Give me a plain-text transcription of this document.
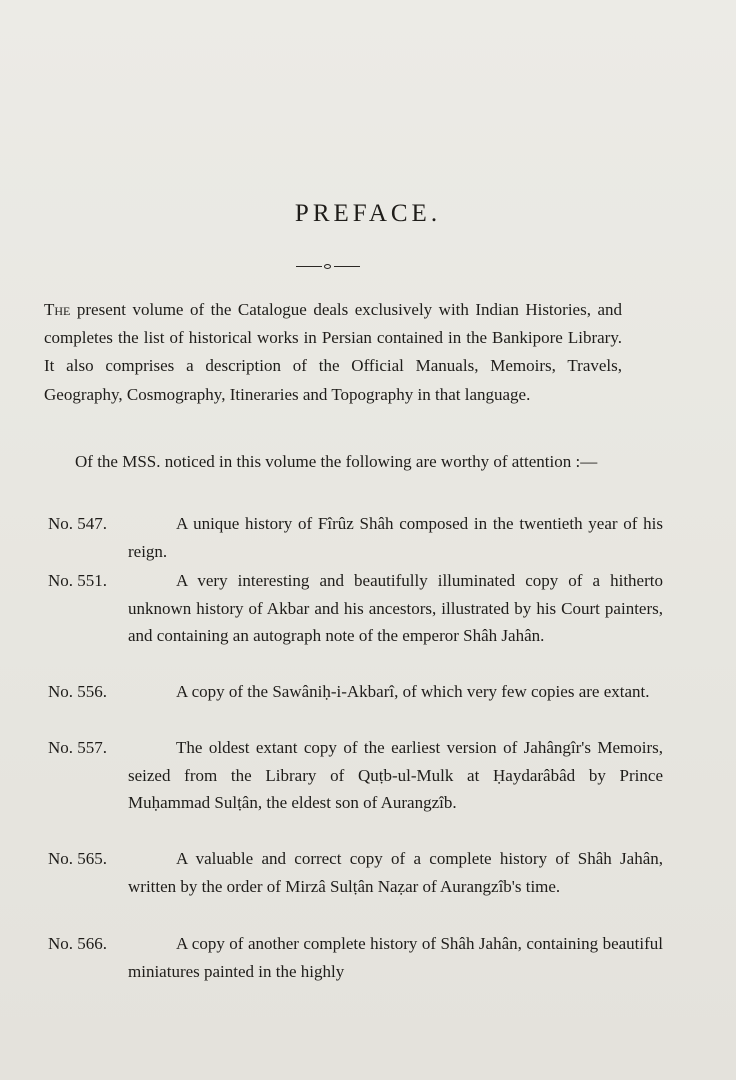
PREFACE.
The present volume of the Catalogue deals exclusively with Indian Histories, and completes the list of historical works in Persian contained in the Bankipore Library. It also comprises a description of the Official Manuals, Memoirs, Travels, Geography, Cosmography, Itineraries and Topography in that language.
Of the MSS. noticed in this volume the following are worthy of attention :—
No. 547.	A unique history of Fîrûz Shâh composed in the twentieth year of his reign.
No. 551.	A very interesting and beautifully illuminated copy of a hitherto unknown history of Akbar and his ancestors, illustrated by his Court painters, and containing an autograph note of the emperor Shâh Jahân.
No. 556.	A copy of the Sawâniḥ-i-Akbarî, of which very few copies are extant.
No. 557.	The oldest extant copy of the earliest version of Jahângîr's Memoirs, seized from the Library of Quṭb-ul-Mulk at Ḥaydarâbâd by Prince Muḥammad Sulṭân, the eldest son of Aurangzîb.
No. 565.	A valuable and correct copy of a complete history of Shâh Jahân, written by the order of Mirzâ Sulṭân Naẓar of Aurangzîb's time.
No. 566.	A copy of another complete history of Shâh Jahân, containing beautiful miniatures painted in the highly
